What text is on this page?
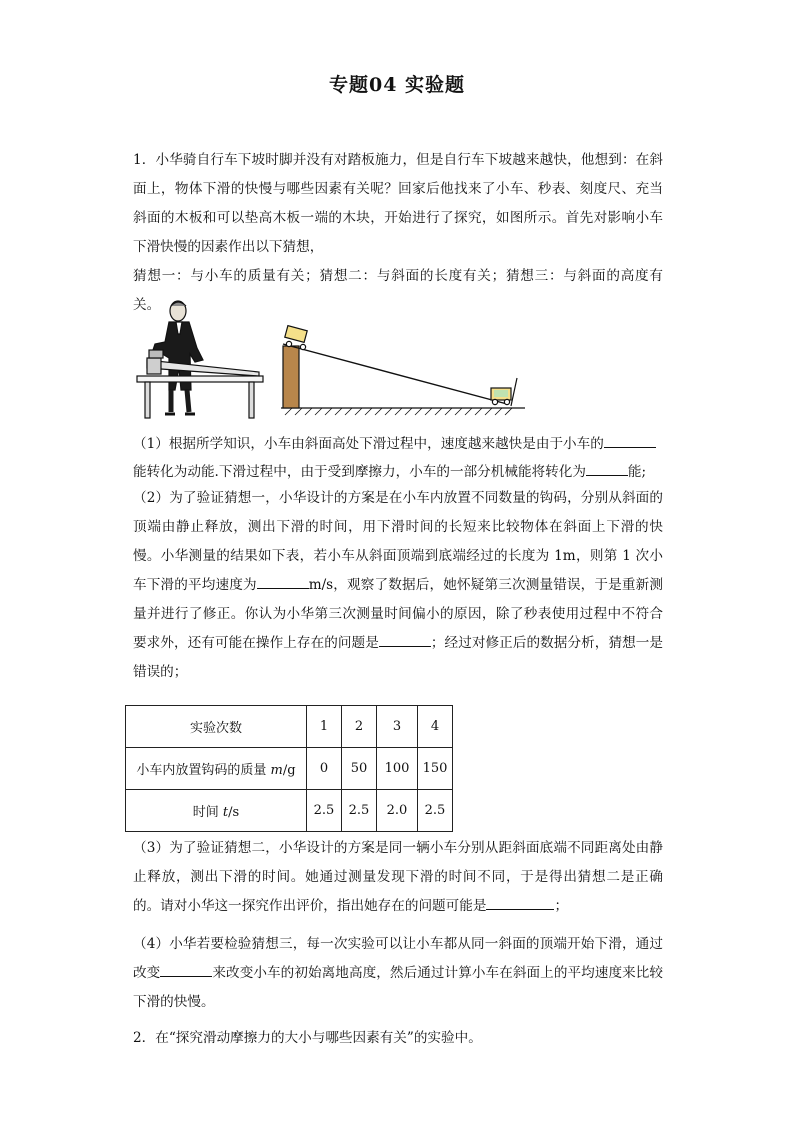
专题04 实验题
1．小华骑自行车下坡时脚并没有对踏板施力，但是自行车下坡越来越快，他想到：在斜面上，物体下滑的快慢与哪些因素有关呢？回家后他找来了小车、秒表、刻度尺、充当斜面的木板和可以垫高木板一端的木块，开始进行了探究，如图所示。首先对影响小车下滑快慢的因素作出以下猜想，
猜想一：与小车的质量有关；猜想二：与斜面的长度有关；猜想三：与斜面的高度有关。
（1）根据所学知识，小车由斜面高处下滑过程中，速度越来越快是由于小车的
能转化为动能.下滑过程中，由于受到摩擦力，小车的一部分机械能将转化为	能;
（2）为了验证猜想一，小华设计的方案是在小车内放置不同数量的钩码，分别从斜面的顶端由静止释放，测出下滑的时间，用下滑时间的长短来比较物体在斜面上下滑的快慢。小华测量的结果如下表，若小车从斜面顶端到底端经过的长度为 1m，则第 1 次小车下滑的平均速度为	m/s，观察了数据后，她怀疑第三次测量错误，于是重新测量并进行了修正。你认为小华第三次测量时间偏小的原因，除了秒表使用过程中不符合要求外，还有可能在操作上存在的问题是	；经过对修正后的数据分析，猜想一是错误的；
实验次数	1	2	3	4
小车内放置钩码的质量 m/g	0	50	100	150
时间 t/s	2.5	2.5	2.0	2.5
（3）为了验证猜想二，小华设计的方案是同一辆小车分别从距斜面底端不同距离处由静止释放，测出下滑的时间。她通过测量发现下滑的时间不同，于是得出猜想二是正确的。请对小华这一探究作出评价，指出她存在的问题可能是	；
（4）小华若要检验猜想三，每一次实验可以让小车都从同一斜面的顶端开始下滑，通过改变	来改变小车的初始离地高度，然后通过计算小车在斜面上的平均速度来比较下滑的快慢。
2．在“探究滑动摩擦力的大小与哪些因素有关”的实验中。
